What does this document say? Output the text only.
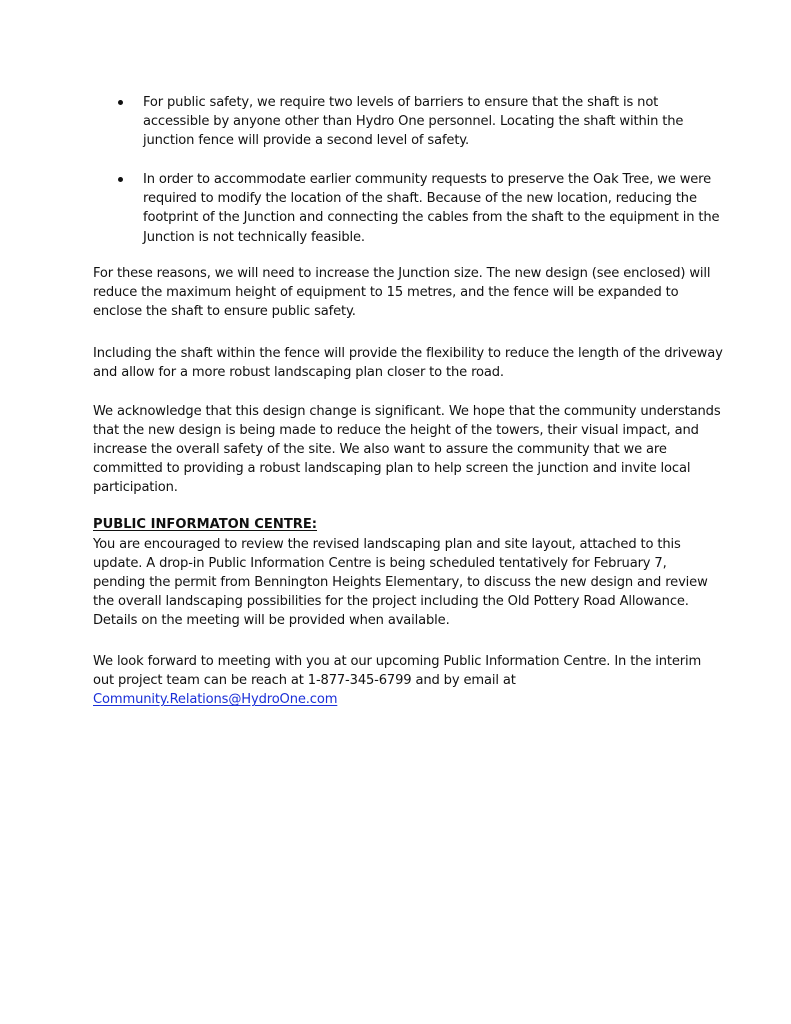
For public safety, we require two levels of barriers to ensure that the shaft is not
accessible by anyone other than Hydro One personnel. Locating the shaft within the
junction fence will provide a second level of safety.
In order to accommodate earlier community requests to preserve the Oak Tree, we were
required to modify the location of the shaft. Because of the new location, reducing the
footprint of the Junction and connecting the cables from the shaft to the equipment in the
Junction is not technically feasible.
For these reasons, we will need to increase the Junction size. The new design (see enclosed) will
reduce the maximum height of equipment to 15 metres, and the fence will be expanded to
enclose the shaft to ensure public safety.
Including the shaft within the fence will provide the flexibility to reduce the length of the driveway
and allow for a more robust landscaping plan closer to the road.
We acknowledge that this design change is significant. We hope that the community understands
that the new design is being made to reduce the height of the towers, their visual impact, and
increase the overall safety of the site. We also want to assure the community that we are
committed to providing a robust landscaping plan to help screen the junction and invite local
participation.
PUBLIC INFORMATON CENTRE:
You are encouraged to review the revised landscaping plan and site layout, attached to this
update. A drop-in Public Information Centre is being scheduled tentatively for February 7,
pending the permit from Bennington Heights Elementary, to discuss the new design and review
the overall landscaping possibilities for the project including the Old Pottery Road Allowance.
Details on the meeting will be provided when available.
We look forward to meeting with you at our upcoming Public Information Centre. In the interim
out project team can be reach at 1-877-345-6799 and by email at
Community.Relations@HydroOne.com
